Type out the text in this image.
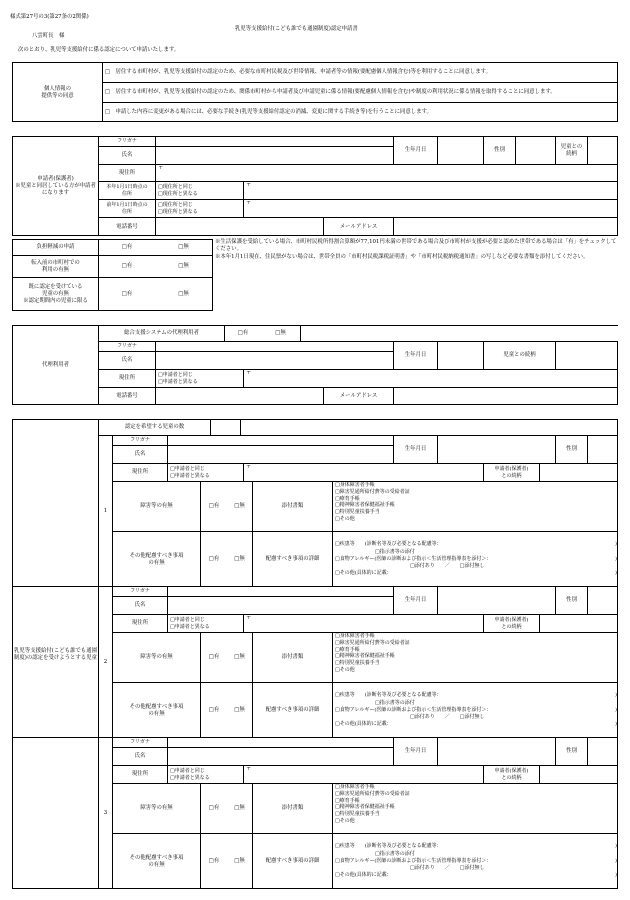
様式第27号の3(第27条の2関係)
乳児等支援給付(こども誰でも通園制度)認定申請書
八雲町長　様
次のとおり、乳児等支援給付に係る認定について申請いたします。
個人情報の
提供等の同意
□　居住する市町村が、乳児等支援給付の認定のため、必要な市町村民税及び世帯情報、申請者等の情報(要配慮個人情報含む)等を利用することに同意します。
□　居住する市町村が、乳児等支援給付の認定のため、関係市町村から申請者及び申請児童に係る情報(要配慮個人情報を含む)や制度の利用状況に係る情報を取得することに同意します。
□　申請した内容に変更がある場合には、必要な手続き(乳児等支援給付認定の消滅、変更に関する手続き等)を行うことに同意します。
申請者(保護者)
※児童と同居している方が申請者になります
フリガナ
氏名
生年月日	性別
児童との
続柄
現住所
〒
本年1月1日時点の
住所
□現住所と同じ
□現住所と異なる
〒
前年1月1日時点の
住所
□現住所と同じ
□現住所と異なる
〒
電話番号	メールアドレス
負担軽減の申請	□有	□無
転入前の市町村での
利用の有無
□有	□無
既に認定を受けている
児童の有無
※認定期間内の児童に限る
□有	□無
※生活保護を受給している場合、市町村民税所得割合算額が77,101円未満の世帯である場合及び市町村が支援が必要と認めた世帯である場合は「有」をチェックしてください。
※本年1月1日現在、住民票がない場合は、世帯全員の「市町村民税課税証明書」や「市町村民税納税通知書」の写しなど必要な書類を添付してください。
代理利用者
総合支援システムの代理利用者	□有	□無
フリガナ
氏名
生年月日	児童との続柄
現住所	□申請者と同じ
□申請者と異なる
〒
電話番号	メールアドレス
乳児等支援給付(こども誰でも通園制度)の認定を受けようとする児童
認定を希望する児童の数
1
フリガナ
氏名
生年月日	性別
現住所	□申請者と同じ
□申請者と異なる
〒	申請者(保護者)
との続柄
障害等の有無	□有	□無	添付書類
□身体障害者手帳
□障害児通所給付費等の受給者証
□療育手帳
□精神障害者保健福祉手帳
□特別児童扶養手当
□その他
その他配慮すべき事項
の有無
□有	□無	配慮すべき事項の詳細
□疾患等　　(診断名等及び必要となる配慮等：	)
□指示書等の添付
□食物アレルギー(医師の診断および指示＜生活管理指導表を添付＞：	)
□添付あり　　／　　□添付無し
□その他(具体的に記載：	)
2
フリガナ
氏名
生年月日	性別
現住所	□申請者と同じ
□申請者と異なる
〒	申請者(保護者)
との続柄
障害等の有無	□有	□無	添付書類
□身体障害者手帳
□障害児通所給付費等の受給者証
□療育手帳
□精神障害者保健福祉手帳
□特別児童扶養手当
□その他
その他配慮すべき事項
の有無
□有	□無	配慮すべき事項の詳細
□疾患等　　(診断名等及び必要となる配慮等：	)
□指示書等の添付
□食物アレルギー(医師の診断および指示＜生活管理指導表を添付＞：	)
□添付あり　　／　　□添付無し
□その他(具体的に記載：	)
3
フリガナ
氏名
生年月日	性別
現住所	□申請者と同じ
□申請者と異なる
〒	申請者(保護者)
との続柄
障害等の有無	□有	□無	添付書類
□身体障害者手帳
□障害児通所給付費等の受給者証
□療育手帳
□精神障害者保健福祉手帳
□特別児童扶養手当
□その他
その他配慮すべき事項
の有無
□有	□無	配慮すべき事項の詳細
□疾患等　　(診断名等及び必要となる配慮等：	)
□指示書等の添付
□食物アレルギー(医師の診断および指示＜生活管理指導表を添付＞：	)
□添付あり　　／　　□添付無し
□その他(具体的に記載：	)
